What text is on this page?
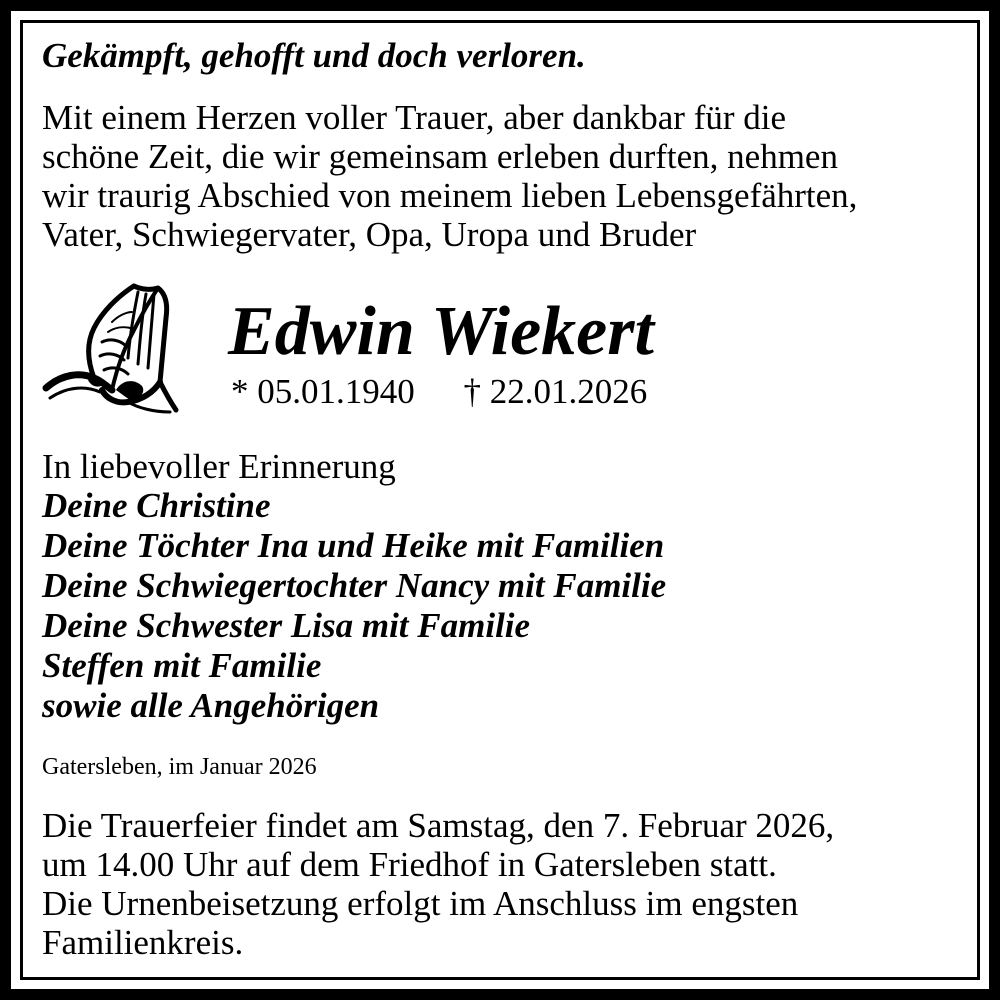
Gekämpft, gehofft und doch verloren.

Mit einem Herzen voller Trauer, aber dankbar für die
schöne Zeit, die wir gemeinsam erleben durften, nehmen
wir traurig Abschied von meinem lieben Lebensgefährten,
Vater, Schwiegervater, Opa, Uropa und Bruder
Edwin Wiekert
* 05.01.1940 † 22.01.2026
In liebevoller Erinnerung
Deine Christine
Deine Töchter Ina und Heike mit Familien
Deine Schwiegertochter Nancy mit Familie
Deine Schwester Lisa mit Familie
Steffen mit Familie
sowie alle Angehörigen
Gatersleben, im Januar 2026
Die Trauerfeier findet am Samstag, den 7. Februar 2026,
um 14.00 Uhr auf dem Friedhof in Gatersleben statt.
Die Urnenbeisetzung erfolgt im Anschluss im engsten
Familienkreis.
